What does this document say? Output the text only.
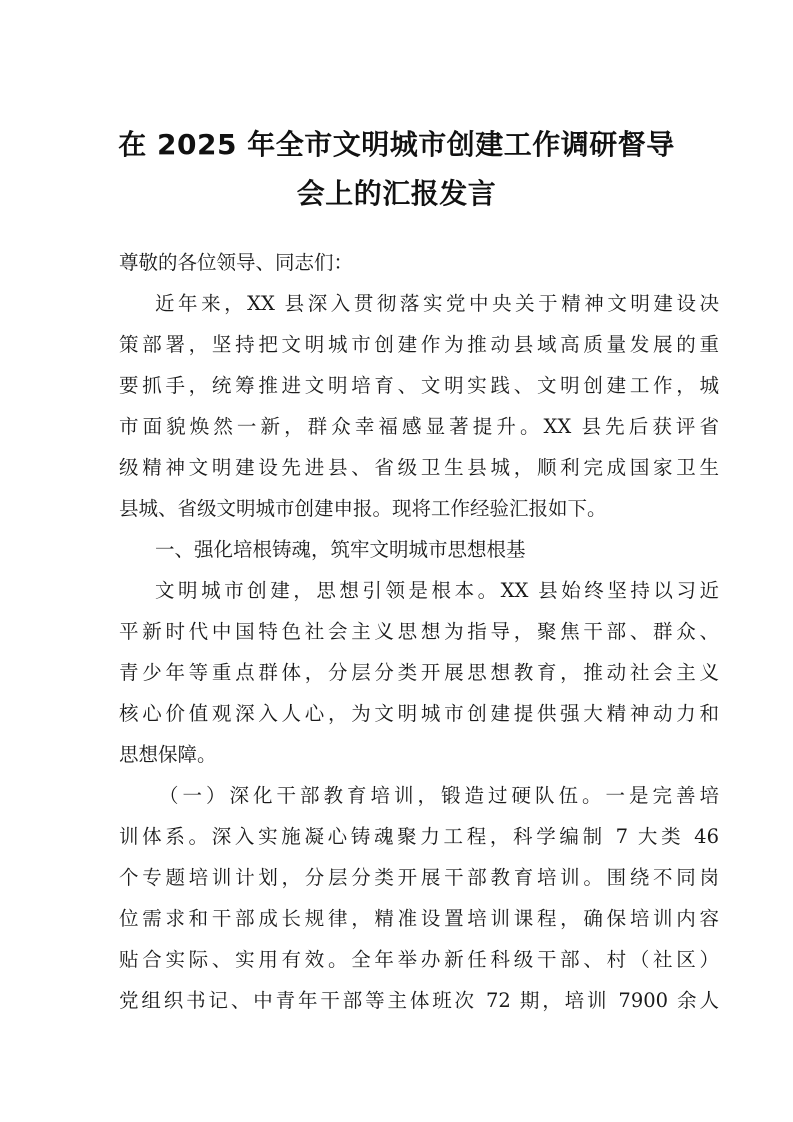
在 2025 年全市文明城市创建工作调研督导
会上的汇报发言
尊敬的各位领导、同志们：
近年来，XX 县深入贯彻落实党中央关于精神文明建设决
策部署，坚持把文明城市创建作为推动县域高质量发展的重
要抓手，统筹推进文明培育、文明实践、文明创建工作，城
市面貌焕然一新，群众幸福感显著提升。XX 县先后获评省
级精神文明建设先进县、省级卫生县城，顺利完成国家卫生
县城、省级文明城市创建申报。现将工作经验汇报如下。
一、强化培根铸魂，筑牢文明城市思想根基
文明城市创建，思想引领是根本。XX 县始终坚持以习近
平新时代中国特色社会主义思想为指导，聚焦干部、群众、
青少年等重点群体，分层分类开展思想教育，推动社会主义
核心价值观深入人心，为文明城市创建提供强大精神动力和
思想保障。
（一）深化干部教育培训，锻造过硬队伍。一是完善培
训体系。深入实施凝心铸魂聚力工程，科学编制 7 大类 46
个专题培训计划，分层分类开展干部教育培训。围绕不同岗
位需求和干部成长规律，精准设置培训课程，确保培训内容
贴合实际、实用有效。全年举办新任科级干部、村（社区）
党组织书记、中青年干部等主体班次 72 期，培训 7900 余人
